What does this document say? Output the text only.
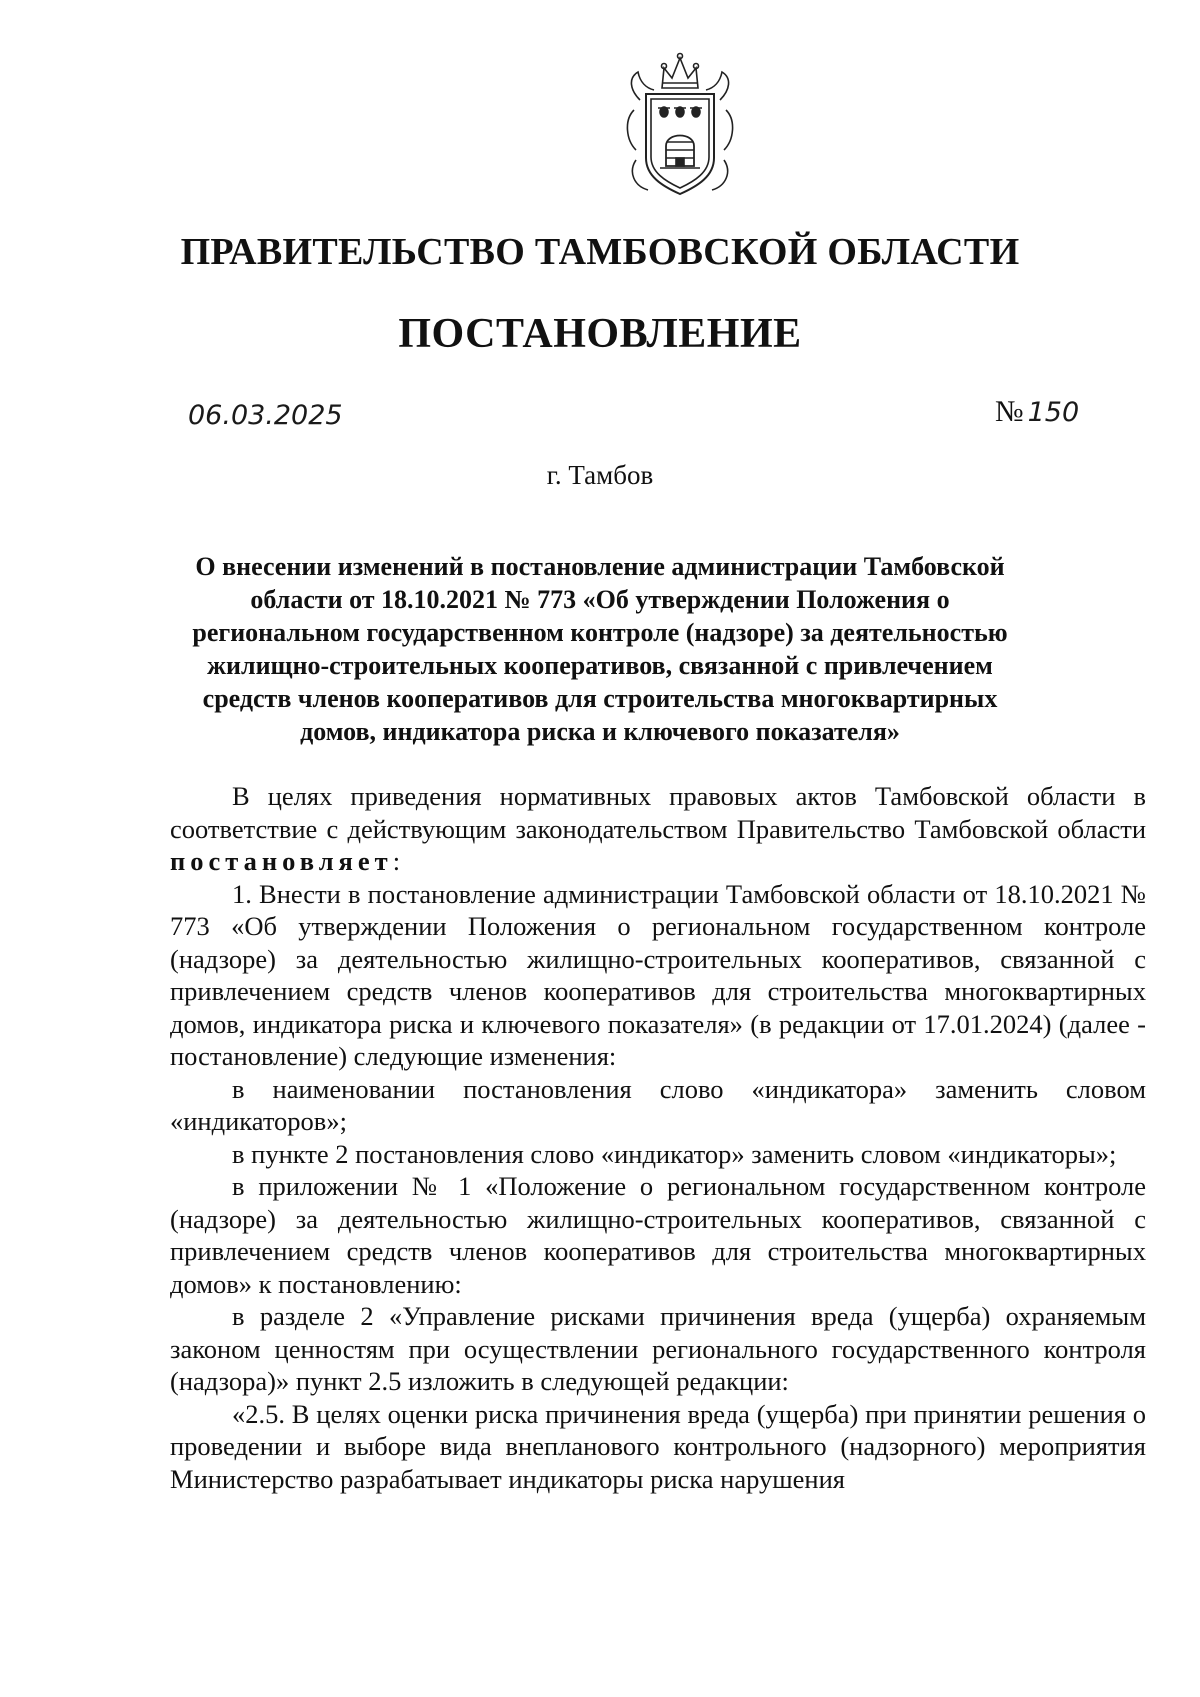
ПРАВИТЕЛЬСТВО ТАМБОВСКОЙ ОБЛАСТИ
ПОСТАНОВЛЕНИЕ
06.03.2025	№ 150
г. Тамбов
О внесении изменений в постановление администрации Тамбовской области от 18.10.2021 № 773 «Об утверждении Положения о региональном государственном контроле (надзоре) за деятельностью жилищно-строительных кооперативов, связанной с привлечением средств членов кооперативов для строительства многоквартирных домов, индикатора риска и ключевого показателя»

В целях приведения нормативных правовых актов Тамбовской области в соответствие с действующим законодательством Правительство Тамбовской области постановляет:

1. Внести в постановление администрации Тамбовской области от 18.10.2021 № 773 «Об утверждении Положения о региональном государственном контроле (надзоре) за деятельностью жилищно-строительных кооперативов, связанной с привлечением средств членов кооперативов для строительства многоквартирных домов, индикатора риска и ключевого показателя» (в редакции от 17.01.2024) (далее - постановление) следующие изменения:

в наименовании постановления слово «индикатора» заменить словом «индикаторов»;

в пункте 2 постановления слово «индикатор» заменить словом «индикаторы»;

в приложении № 1 «Положение о региональном государственном контроле (надзоре) за деятельностью жилищно-строительных кооперативов, связанной с привлечением средств членов кооперативов для строительства многоквартирных домов» к постановлению:

в разделе 2 «Управление рисками причинения вреда (ущерба) охраняемым законом ценностям при осуществлении регионального государственного контроля (надзора)» пункт 2.5 изложить в следующей редакции:

«2.5. В целях оценки риска причинения вреда (ущерба) при принятии решения о проведении и выборе вида внепланового контрольного (надзорного) мероприятия Министерство разрабатывает индикаторы риска нарушения
